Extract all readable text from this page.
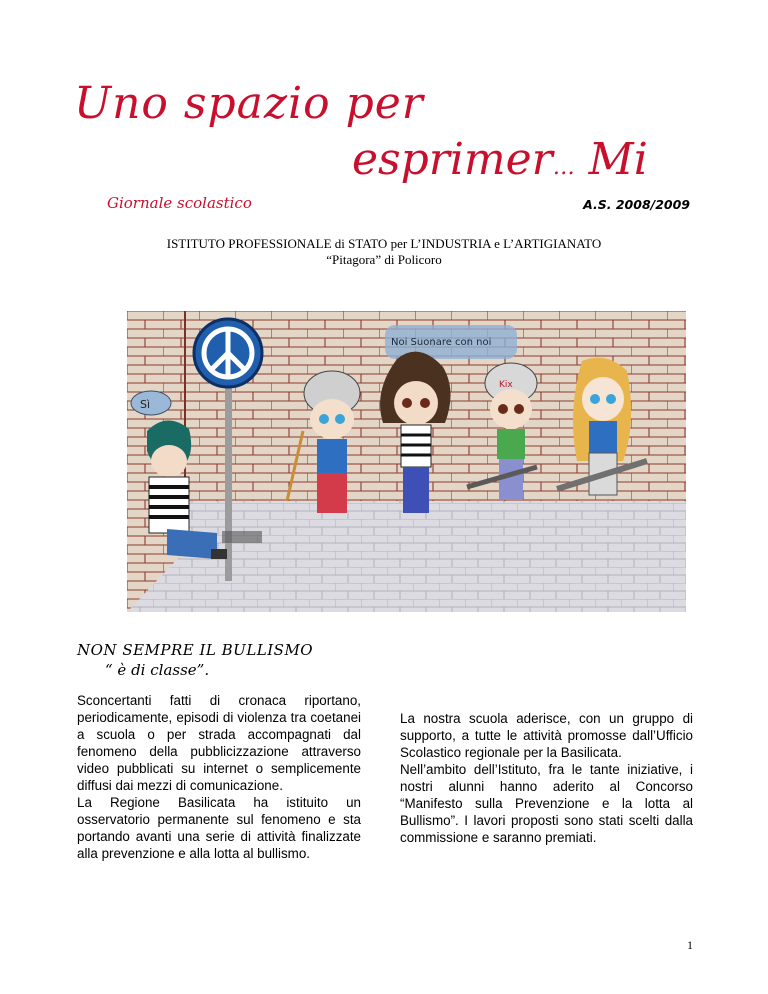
Uno spazio per
esprimer… Mi
Giornale scolastico	A.S. 2008/2009
ISTITUTO PROFESSIONALE di STATO per L’INDUSTRIA e L’ARTIGIANATO
“Pitagora” di Policoro
Sì
Noi Suonare con noi
Kix
NON SEMPRE IL BULLISMO
“ è di classe”.

Sconcertanti fatti di cronaca riportano, periodicamente, episodi di violenza tra coetanei a scuola o per strada accompagnati dal fenomeno della pubblicizzazione attraverso video pubblicati su internet o semplicemente diffusi dai mezzi di comunicazione.

La Regione Basilicata ha istituito un osservatorio permanente sul fenomeno e sta portando avanti una serie di attività finalizzate alla prevenzione e alla lotta al bullismo.

La nostra scuola aderisce, con un gruppo di supporto, a tutte le attività promosse dall’Ufficio Scolastico regionale per la Basilicata.

Nell’ambito dell’Istituto, fra le tante iniziative, i nostri alunni hanno aderito al Concorso “Manifesto sulla Prevenzione e la lotta al Bullismo”. I lavori proposti sono stati scelti dalla commissione e saranno premiati.

1
